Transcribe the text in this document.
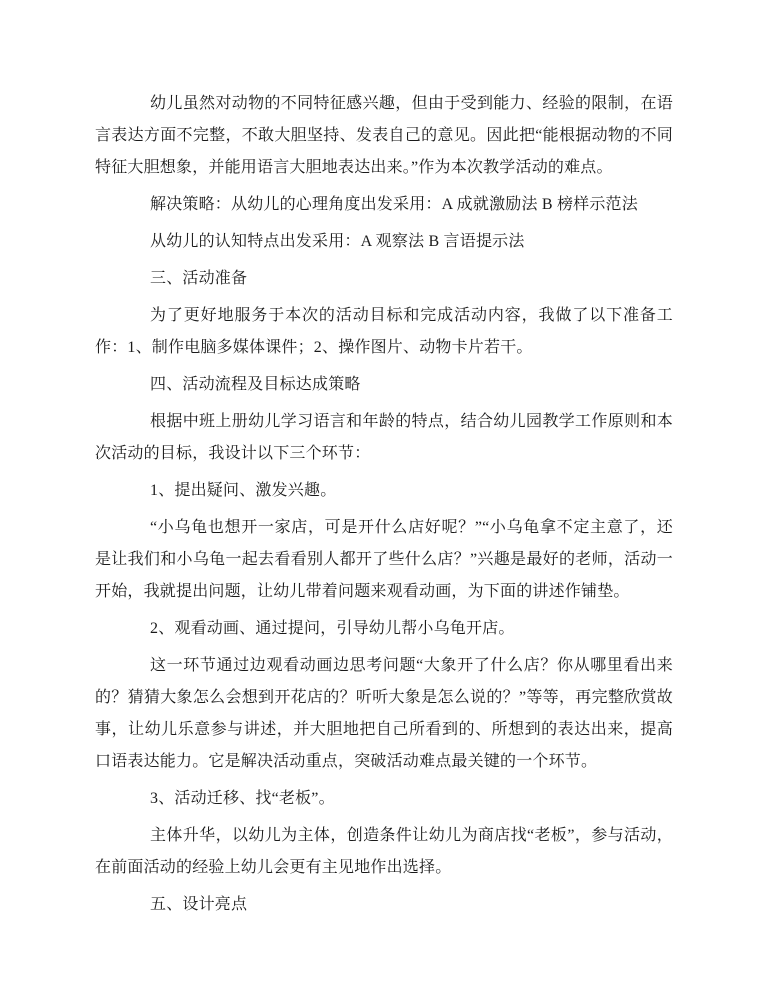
幼儿虽然对动物的不同特征感兴趣，但由于受到能力、经验的限制，在语言表达方面不完整，不敢大胆坚持、发表自己的意见。因此把“能根据动物的不同特征大胆想象，并能用语言大胆地表达出来。”作为本次教学活动的难点。

解决策略：从幼儿的心理角度出发采用：A 成就激励法 B 榜样示范法

从幼儿的认知特点出发采用：A 观察法 B 言语提示法

三、活动准备

为了更好地服务于本次的活动目标和完成活动内容，我做了以下准备工作：1、制作电脑多媒体课件；2、操作图片、动物卡片若干。

四、活动流程及目标达成策略

根据中班上册幼儿学习语言和年龄的特点，结合幼儿园教学工作原则和本次活动的目标，我设计以下三个环节：

1、提出疑问、激发兴趣。

“小乌龟也想开一家店，可是开什么店好呢？”“小乌龟拿不定主意了，还是让我们和小乌龟一起去看看别人都开了些什么店？”兴趣是最好的老师，活动一开始，我就提出问题，让幼儿带着问题来观看动画，为下面的讲述作铺垫。

2、观看动画、通过提问，引导幼儿帮小乌龟开店。

这一环节通过边观看动画边思考问题“大象开了什么店？你从哪里看出来的？猜猜大象怎么会想到开花店的？听听大象是怎么说的？”等等，再完整欣赏故事，让幼儿乐意参与讲述，并大胆地把自己所看到的、所想到的表达出来，提高口语表达能力。它是解决活动重点，突破活动难点最关键的一个环节。

3、活动迁移、找“老板”。

主体升华，以幼儿为主体，创造条件让幼儿为商店找“老板”，参与活动，在前面活动的经验上幼儿会更有主见地作出选择。

五、设计亮点
